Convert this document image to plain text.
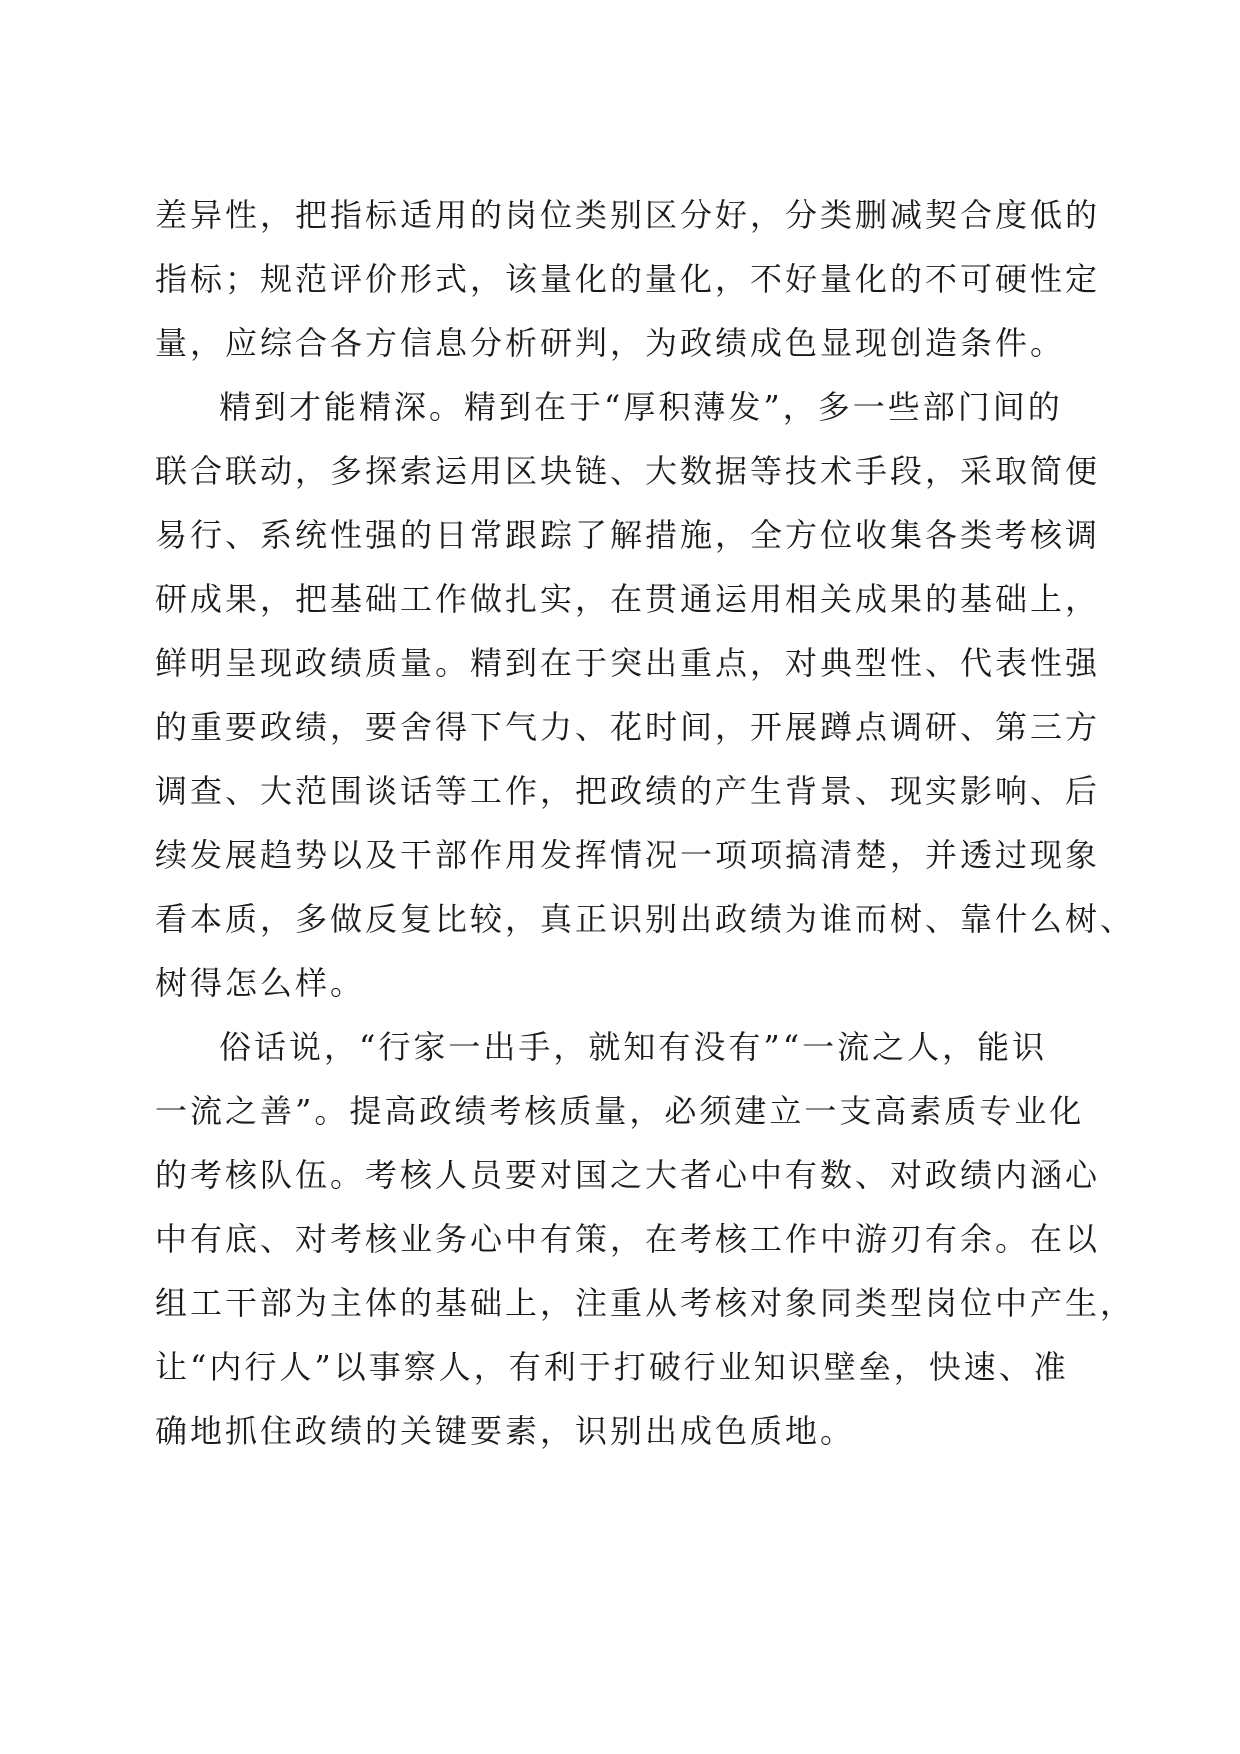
差异性，把指标适用的岗位类别区分好，分类删减契合度低的
指标；规范评价形式，该量化的量化，不好量化的不可硬性定
量，应综合各方信息分析研判，为政绩成色显现创造条件。
精到才能精深。精到在于“厚积薄发”，多一些部门间的
联合联动，多探索运用区块链、大数据等技术手段，采取简便
易行、系统性强的日常跟踪了解措施，全方位收集各类考核调
研成果，把基础工作做扎实，在贯通运用相关成果的基础上，
鲜明呈现政绩质量。精到在于突出重点，对典型性、代表性强
的重要政绩，要舍得下气力、花时间，开展蹲点调研、第三方
调查、大范围谈话等工作，把政绩的产生背景、现实影响、后
续发展趋势以及干部作用发挥情况一项项搞清楚，并透过现象
看本质，多做反复比较，真正识别出政绩为谁而树、靠什么树、
树得怎么样。
俗话说，“行家一出手，就知有没有”“一流之人，能识
一流之善”。提高政绩考核质量，必须建立一支高素质专业化
的考核队伍。考核人员要对国之大者心中有数、对政绩内涵心
中有底、对考核业务心中有策，在考核工作中游刃有余。在以
组工干部为主体的基础上，注重从考核对象同类型岗位中产生，
让“内行人”以事察人，有利于打破行业知识壁垒，快速、准
确地抓住政绩的关键要素，识别出成色质地。
